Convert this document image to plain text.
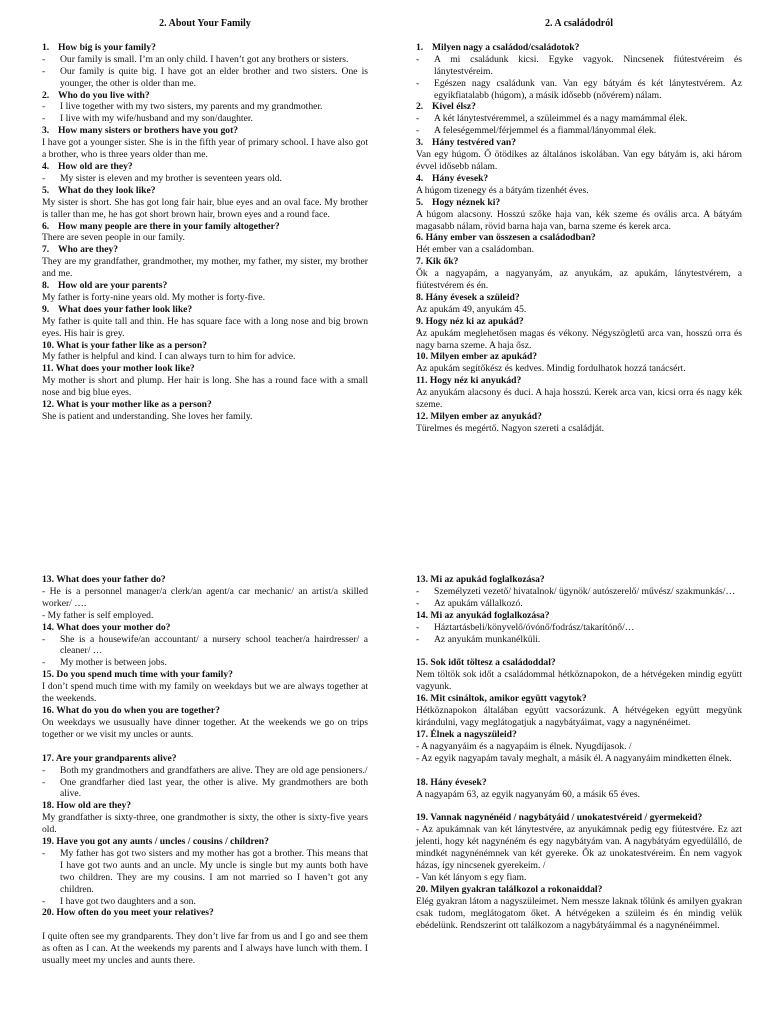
2. About Your Family
1. How big is your family?
-	Our family is small. I’m an only child. I haven’t got any brothers or sisters.
-	Our family is quite big. I have got an elder brother and two sisters. One is younger, the other is older than me.
2. Who do you live with?
-	I live together with my two sisters, my parents and my grandmother.
-	I live with my wife/husband and my son/daughter.
3. How many sisters or brothers have you got?
I have got a younger sister. She is in the fifth year of primary school. I have also got a brother, who is three years older than me.
4. How old are they?
-	My sister is eleven and my brother is seventeen years old.
5. What do they look like?
My sister is short. She has got long fair hair, blue eyes and an oval face. My brother is taller than me, he has got short brown hair, brown eyes and a round face.
6. How many people are there in your family altogether?
There are seven people in our family.
7. Who are they?
They are my grandfather, grandmother, my mother, my father, my sister, my brother and me.
8. How old are your parents?
My father is forty-nine years old. My mother is forty-five.
9. What does your father look like?
My father is quite tall and thin. He has square face with a long nose and big brown eyes. His hair is grey.
10. What is your father like as a person?
My father is helpful and kind. I can always turn to him for advice.
11. What does your mother look like?
My mother is short and plump. Her hair is long. She has a round face with a small nose and big blue eyes.
12. What is your mother like as a person?
She is patient and understanding. She loves her family.
2. A családodról
1. Milyen nagy a családod/családotok?
-	A mi családunk kicsi. Egyke vagyok. Nincsenek fiútestvéreim és lánytestvéreim.
-	Egészen nagy családunk van. Van egy bátyám és két lánytestvérem. Az egyikfiatalabb (húgom), a másik idősebb (nővérem) nálam.
2. Kivel élsz?
-	A két lánytestvéremmel, a szüleimmel és a nagy mamámmal élek.
-	A feleségemmel/férjemmel és a fiammal/lányommal élek.
3. Hány testvéred van?
Van egy húgom. Ő ötödikes az általános iskolában. Van egy bátyám is, aki három évvel idősebb nálam.
4. Hány évesek?
A húgom tizenegy és a bátyám tizenhét éves.
5. Hogy néznek ki?
A húgom alacsony. Hosszú szőke haja van, kék szeme és ovális arca. A bátyám magasabb nálam, rövid barna haja van, barna szeme és kerek arca.
6. Hány ember van összesen a családodban?
Hét ember van a családomban.
7. Kik ők?
Ők a nagyapám, a nagyanyám, az anyukám, az apukám, lánytestvérem, a fiútestvérem és én.
8. Hány évesek a szüleid?
Az apukám 49, anyukám 45.
9. Hogy néz ki az apukád?
Az apukám meglehetősen magas és vékony. Négyszögletű arca van, hosszú orra és nagy barna szeme. A haja ősz.
10. Milyen ember az apukád?
Az apukám segítőkész és kedves. Mindig fordulhatok hozzá tanácsért.
11. Hogy néz ki anyukád?
Az anyukám alacsony és duci. A haja hosszú. Kerek arca van, kicsi orra és nagy kék szeme.
12. Milyen ember az anyukád?
Türelmes és megértő. Nagyon szereti a családját.
13. What does your father do?
- He is a personnel manager/a clerk/an agent/a car mechanic/ an artist/a skilled worker/ ….
- My father is self employed.
14. What does your mother do?
-	She is a housewife/an accountant/ a nursery school teacher/a hairdresser/ a cleaner/ …
-	My mother is between jobs.
15. Do you spend much time with your family?
I don’t spend much time with my family on weekdays but we are always together at the weekends.
16. What do you do when you are together?
On weekdays we ususually have dinner together. At the weekends we go on trips together or we visit my uncles or aunts.
17. Are your grandparents alive?
-	Both my grandmothers and grandfathers are alive. They are old age pensioners./
-	One grandfarher died last year, the other is alive. My grandmothers are both alive.
18. How old are they?
My grandfather is sixty-three, one grandmother is sixty, the other is sixty-five years old.
19. Have you got any aunts / uncles / cousins / children?
-	My father has got two sisters and my mother has got a brother. This means that I have got two aunts and an uncle. My uncle is single but my aunts both have two children. They are my cousins. I am not married so I haven’t got any children.
-	I have got two daughters and a son.
20. How often do you meet your relatives?
I quite often see my grandparents. They don’t live far from us and I go and see them as often as I can. At the weekends my parents and I always have lunch with them. I usually meet my uncles and aunts there.
13. Mi az apukád foglalkozása?
-	Személyzeti vezető/ hivatalnok/ ügynök/ autószerelő/ művész/ szakmunkás/…
-	Az apukám vállalkozó.
14. Mi az anyukád foglalkozása?
-	Háztartásbeli/könyvelő/óvónő/fodrász/takarítónő/…
-	Az anyukám munkanélküli.
15. Sok időt töltesz a családoddal?
Nem töltök sok időt a családommal hétköznapokon, de a hétvégeken mindig együtt vagyunk.
16. Mit csináltok, amikor együtt vagytok?
Hétköznapokon általában együtt vacsorázunk. A hétvégeken együtt megyünk kirándulni, vagy meglátogatjuk a nagybátyáimat, vagy a nagynénéimet.
17. Élnek a nagyszüleid?
- A nagyanyáim és a nagyapáim is élnek. Nyugdíjasok. /
- Az egyik nagyapám tavaly meghalt, a másik él. A nagyanyáim mindketten élnek.
18. Hány évesek?
A nagyapám 63, az egyik nagyanyám 60, a másik 65 éves.
19. Vannak nagynénéid / nagybátyáid / unokatestvéreid / gyermekeid?
- Az apukámnak van két lánytestvére, az anyukámnak pedig egy fiútestvére. Ez azt jelenti, hogy két nagynéném és egy nagybátyám van. A nagybátyám egyedülálló, de mindkét nagynénémnek van két gyereke. Ők az unokatestvéreim. Én nem vagyok házas, így nincsenek gyerekeim. /
- Van két lányom s egy fiam.
20. Milyen gyakran találkozol a rokonaiddal?
Elég gyakran látom a nagyszüleimet. Nem messze laknak tőlünk és amilyen gyakran csak tudom, meglátogatom őket. A hétvégeken a szüleim és én mindig velük ebédelünk. Rendszerint ott találkozom a nagybátyáimmal és a nagynénéimmel.
